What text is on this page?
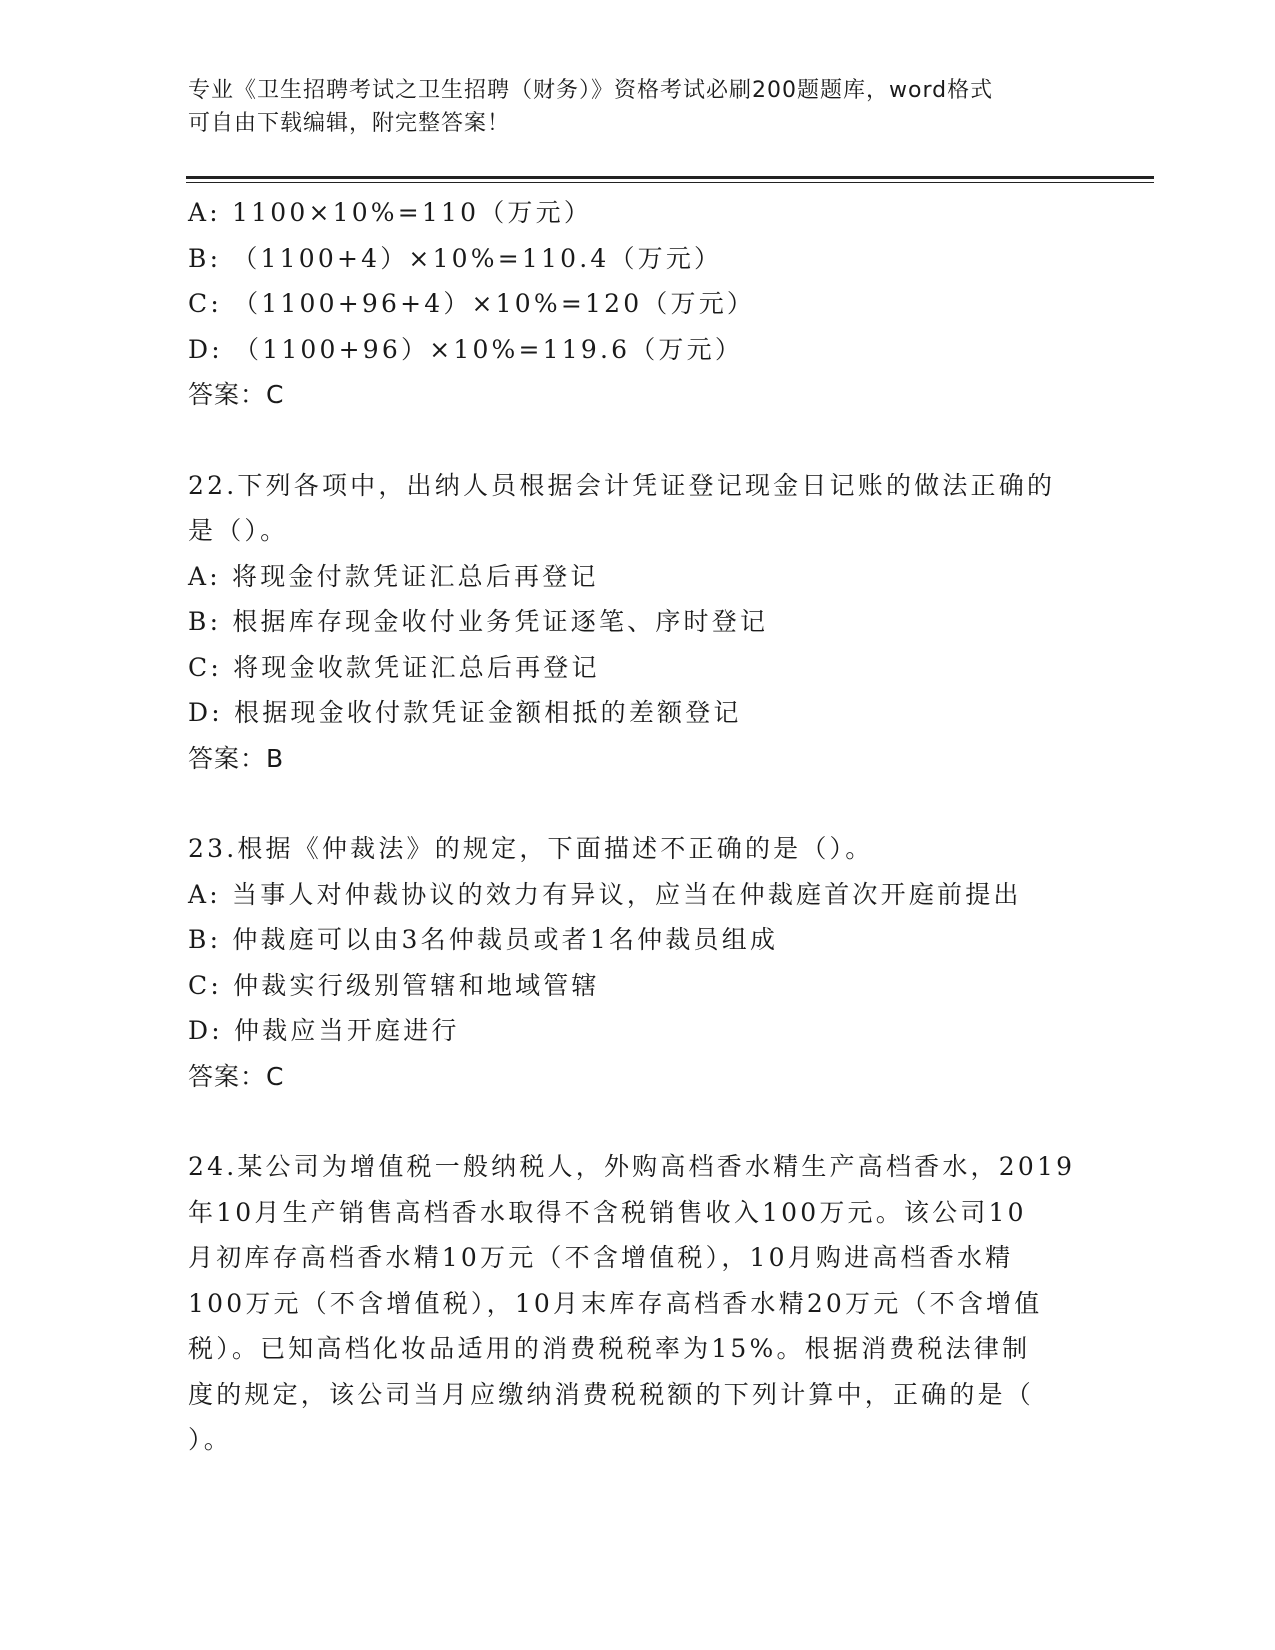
专业《卫生招聘考试之卫生招聘（财务）》资格考试必刷200题题库，word格式
可自由下载编辑，附完整答案！
A: 1100×10%=110（万元）
B: （1100+4）×10%=110.4（万元）
C: （1100+96+4）×10%=120（万元）
D: （1100+96）×10%=119.6（万元）
答案：C
22.下列各项中，出纳人员根据会计凭证登记现金日记账的做法正确的
是（）。
A: 将现金付款凭证汇总后再登记
B: 根据库存现金收付业务凭证逐笔、序时登记
C: 将现金收款凭证汇总后再登记
D: 根据现金收付款凭证金额相抵的差额登记
答案：B
23.根据《仲裁法》的规定，下面描述不正确的是（）。
A: 当事人对仲裁协议的效力有异议，应当在仲裁庭首次开庭前提出
B: 仲裁庭可以由3名仲裁员或者1名仲裁员组成
C: 仲裁实行级别管辖和地域管辖
D: 仲裁应当开庭进行
答案：C
24.某公司为增值税一般纳税人，外购高档香水精生产高档香水，2019
年10月生产销售高档香水取得不含税销售收入100万元。该公司10
月初库存高档香水精10万元（不含增值税），10月购进高档香水精
100万元（不含增值税），10月末库存高档香水精20万元（不含增值
税）。已知高档化妆品适用的消费税税率为15%。根据消费税法律制
度的规定，该公司当月应缴纳消费税税额的下列计算中，正确的是（
）。
